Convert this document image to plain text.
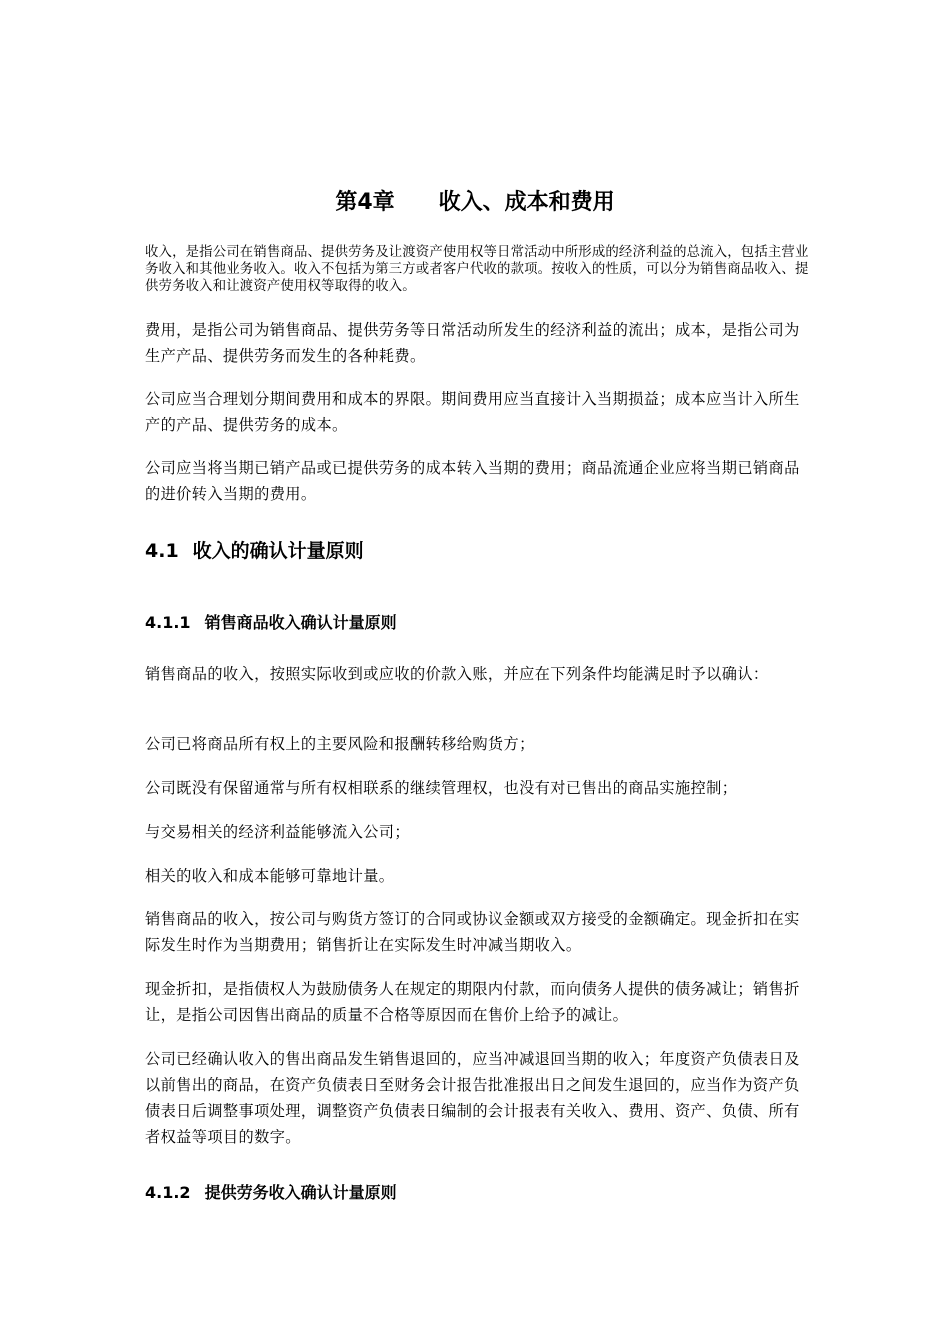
第4章 收入、成本和费用

收入，是指公司在销售商品、提供劳务及让渡资产使用权等日常活动中所形成的经济利益的总流入，包括主营业务收入和其他业务收入。收入不包括为第三方或者客户代收的款项。按收入的性质，可以分为销售商品收入、提供劳务收入和让渡资产使用权等取得的收入。

费用，是指公司为销售商品、提供劳务等日常活动所发生的经济利益的流出；成本，是指公司为生产产品、提供劳务而发生的各种耗费。

公司应当合理划分期间费用和成本的界限。期间费用应当直接计入当期损益；成本应当计入所生产的产品、提供劳务的成本。

公司应当将当期已销产品或已提供劳务的成本转入当期的费用；商品流通企业应将当期已销商品的进价转入当期的费用。

4.1 收入的确认计量原则
4.1.1 销售商品收入确认计量原则

销售商品的收入，按照实际收到或应收的价款入账，并应在下列条件均能满足时予以确认：

公司已将商品所有权上的主要风险和报酬转移给购货方；

公司既没有保留通常与所有权相联系的继续管理权，也没有对已售出的商品实施控制；

与交易相关的经济利益能够流入公司；

相关的收入和成本能够可靠地计量。

销售商品的收入，按公司与购货方签订的合同或协议金额或双方接受的金额确定。现金折扣在实际发生时作为当期费用；销售折让在实际发生时冲减当期收入。

现金折扣，是指债权人为鼓励债务人在规定的期限内付款，而向债务人提供的债务减让；销售折让，是指公司因售出商品的质量不合格等原因而在售价上给予的减让。

公司已经确认收入的售出商品发生销售退回的，应当冲减退回当期的收入；年度资产负债表日及以前售出的商品，在资产负债表日至财务会计报告批准报出日之间发生退回的，应当作为资产负债表日后调整事项处理，调整资产负债表日编制的会计报表有关收入、费用、资产、负债、所有者权益等项目的数字。

4.1.2 提供劳务收入确认计量原则
